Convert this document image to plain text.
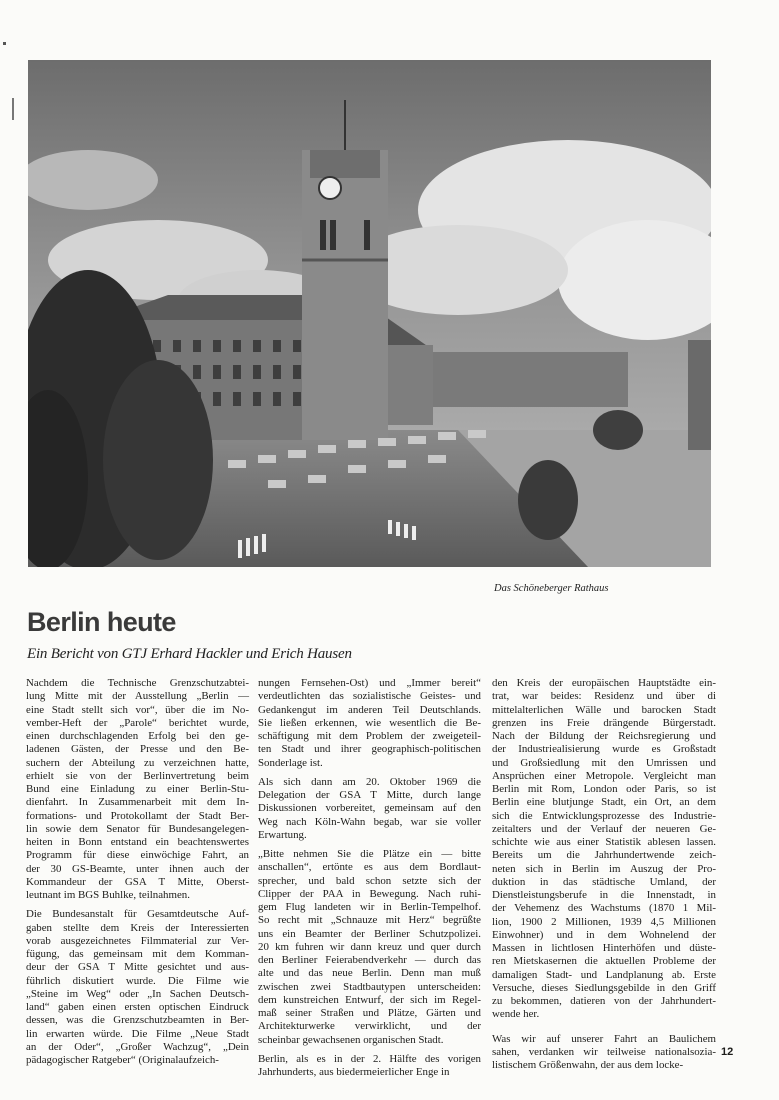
Das Schöneberger Rathaus
Berlin heute
Ein Bericht von GTJ Erhard Hackler und Erich Hausen
Nachdem die Technische Grenzschutzabtei-
lung Mitte mit der Ausstellung „Berlin —
eine Stadt stellt sich vor“, über die im No-
vember-Heft der „Parole“ berichtet wurde,
einen durchschlagenden Erfolg bei den ge-
ladenen Gästen, der Presse und den Be-
suchern der Abteilung zu verzeichnen hatte,
erhielt sie von der Berlinvertretung beim
Bund eine Einladung zu einer Berlin-Stu-
dienfahrt. In Zusammenarbeit mit dem In-
formations- und Protokollamt der Stadt Ber-
lin sowie dem Senator für Bundesangelegen-
heiten in Bonn entstand ein beachtenswertes
Programm für diese einwöchige Fahrt, an
der 30 GS-Beamte, unter ihnen auch der
Kommandeur der GSA T Mitte, Oberst-
leutnant im BGS Buhlke, teilnahmen.
Die Bundesanstalt für Gesamtdeutsche Auf-
gaben stellte dem Kreis der Interessierten
vorab ausgezeichnetes Filmmaterial zur Ver-
fügung, das gemeinsam mit dem Komman-
deur der GSA T Mitte gesichtet und aus-
führlich diskutiert wurde. Die Filme wie
„Steine im Weg“ oder „In Sachen Deutsch-
land“ gaben einen ersten optischen Eindruck
dessen, was die Grenzschutzbeamten in Ber-
lin erwarten würde. Die Filme „Neue Stadt
an der Oder“, „Großer Wachzug“, „Dein
pädagogischer Ratgeber“ (Originalaufzeich-
nungen Fernsehen-Ost) und „Immer bereit“
verdeutlichten das sozialistische Geistes- und
Gedankengut im anderen Teil Deutschlands.
Sie ließen erkennen, wie wesentlich die Be-
schäftigung mit dem Problem der zweigeteil-
ten Stadt und ihrer geographisch-politischen
Sonderlage ist.
Als sich dann am 20. Oktober 1969 die
Delegation der GSA T Mitte, durch lange
Diskussionen vorbereitet, gemeinsam auf den
Weg nach Köln-Wahn begab, war sie voller
Erwartung.
„Bitte nehmen Sie die Plätze ein — bitte
anschallen“, ertönte es aus dem Bordlaut-
sprecher, und bald schon setzte sich der
Clipper der PAA in Bewegung. Nach ruhi-
gem Flug landeten wir in Berlin-Tempelhof.
So recht mit „Schnauze mit Herz“ begrüßte
uns ein Beamter der Berliner Schutzpolizei.
20 km fuhren wir dann kreuz und quer durch
den Berliner Feierabendverkehr — durch das
alte und das neue Berlin. Denn man muß
zwischen zwei Stadtbautypen unterscheiden:
dem kunstreichen Entwurf, der sich im Regel-
maß seiner Straßen und Plätze, Gärten und
Architekturwerke verwirklicht, und der
scheinbar gewachsenen organischen Stadt.
Berlin, als es in der 2. Hälfte des vorigen
Jahrhunderts, aus biedermeierlicher Enge in
den Kreis der europäischen Hauptstädte ein-
trat, war beides: Residenz und über di
mittelalterlichen Wälle und barocken Stadt
grenzen ins Freie drängende Bürgerstadt.
Nach der Bildung der Reichsregierung und
der Industriealisierung wurde es Großstadt
und Großsiedlung mit den Umrissen und
Ansprüchen einer Metropole. Vergleicht man
Berlin mit Rom, London oder Paris, so ist
Berlin eine blutjunge Stadt, ein Ort, an dem
sich die Entwicklungsprozesse des Industrie-
zeitalters und der Verlauf der neueren Ge-
schichte wie aus einer Statistik ablesen lassen.
Bereits um die Jahrhundertwende zeich-
neten sich in Berlin im Auszug der Pro-
duktion in das städtische Umland, der
Dienstleistungsberufe in die Innenstadt, in
der Vehemenz des Wachstums (1870 1 Mil-
lion, 1900 2 Millionen, 1939 4,5 Millionen
Einwohner) und in dem Wohnelend der
Massen in lichtlosen Hinterhöfen und düste-
ren Mietskasernen die aktuellen Probleme der
damaligen Stadt- und Landplanung ab. Erste
Versuche, dieses Siedlungsgebilde in den Griff
zu bekommen, datieren von der Jahrhundert-
wende her.
Was wir auf unserer Fahrt an Baulichem
sahen, verdanken wir teilweise nationalsozia-
listischem Größenwahn, der aus dem locke-
12
